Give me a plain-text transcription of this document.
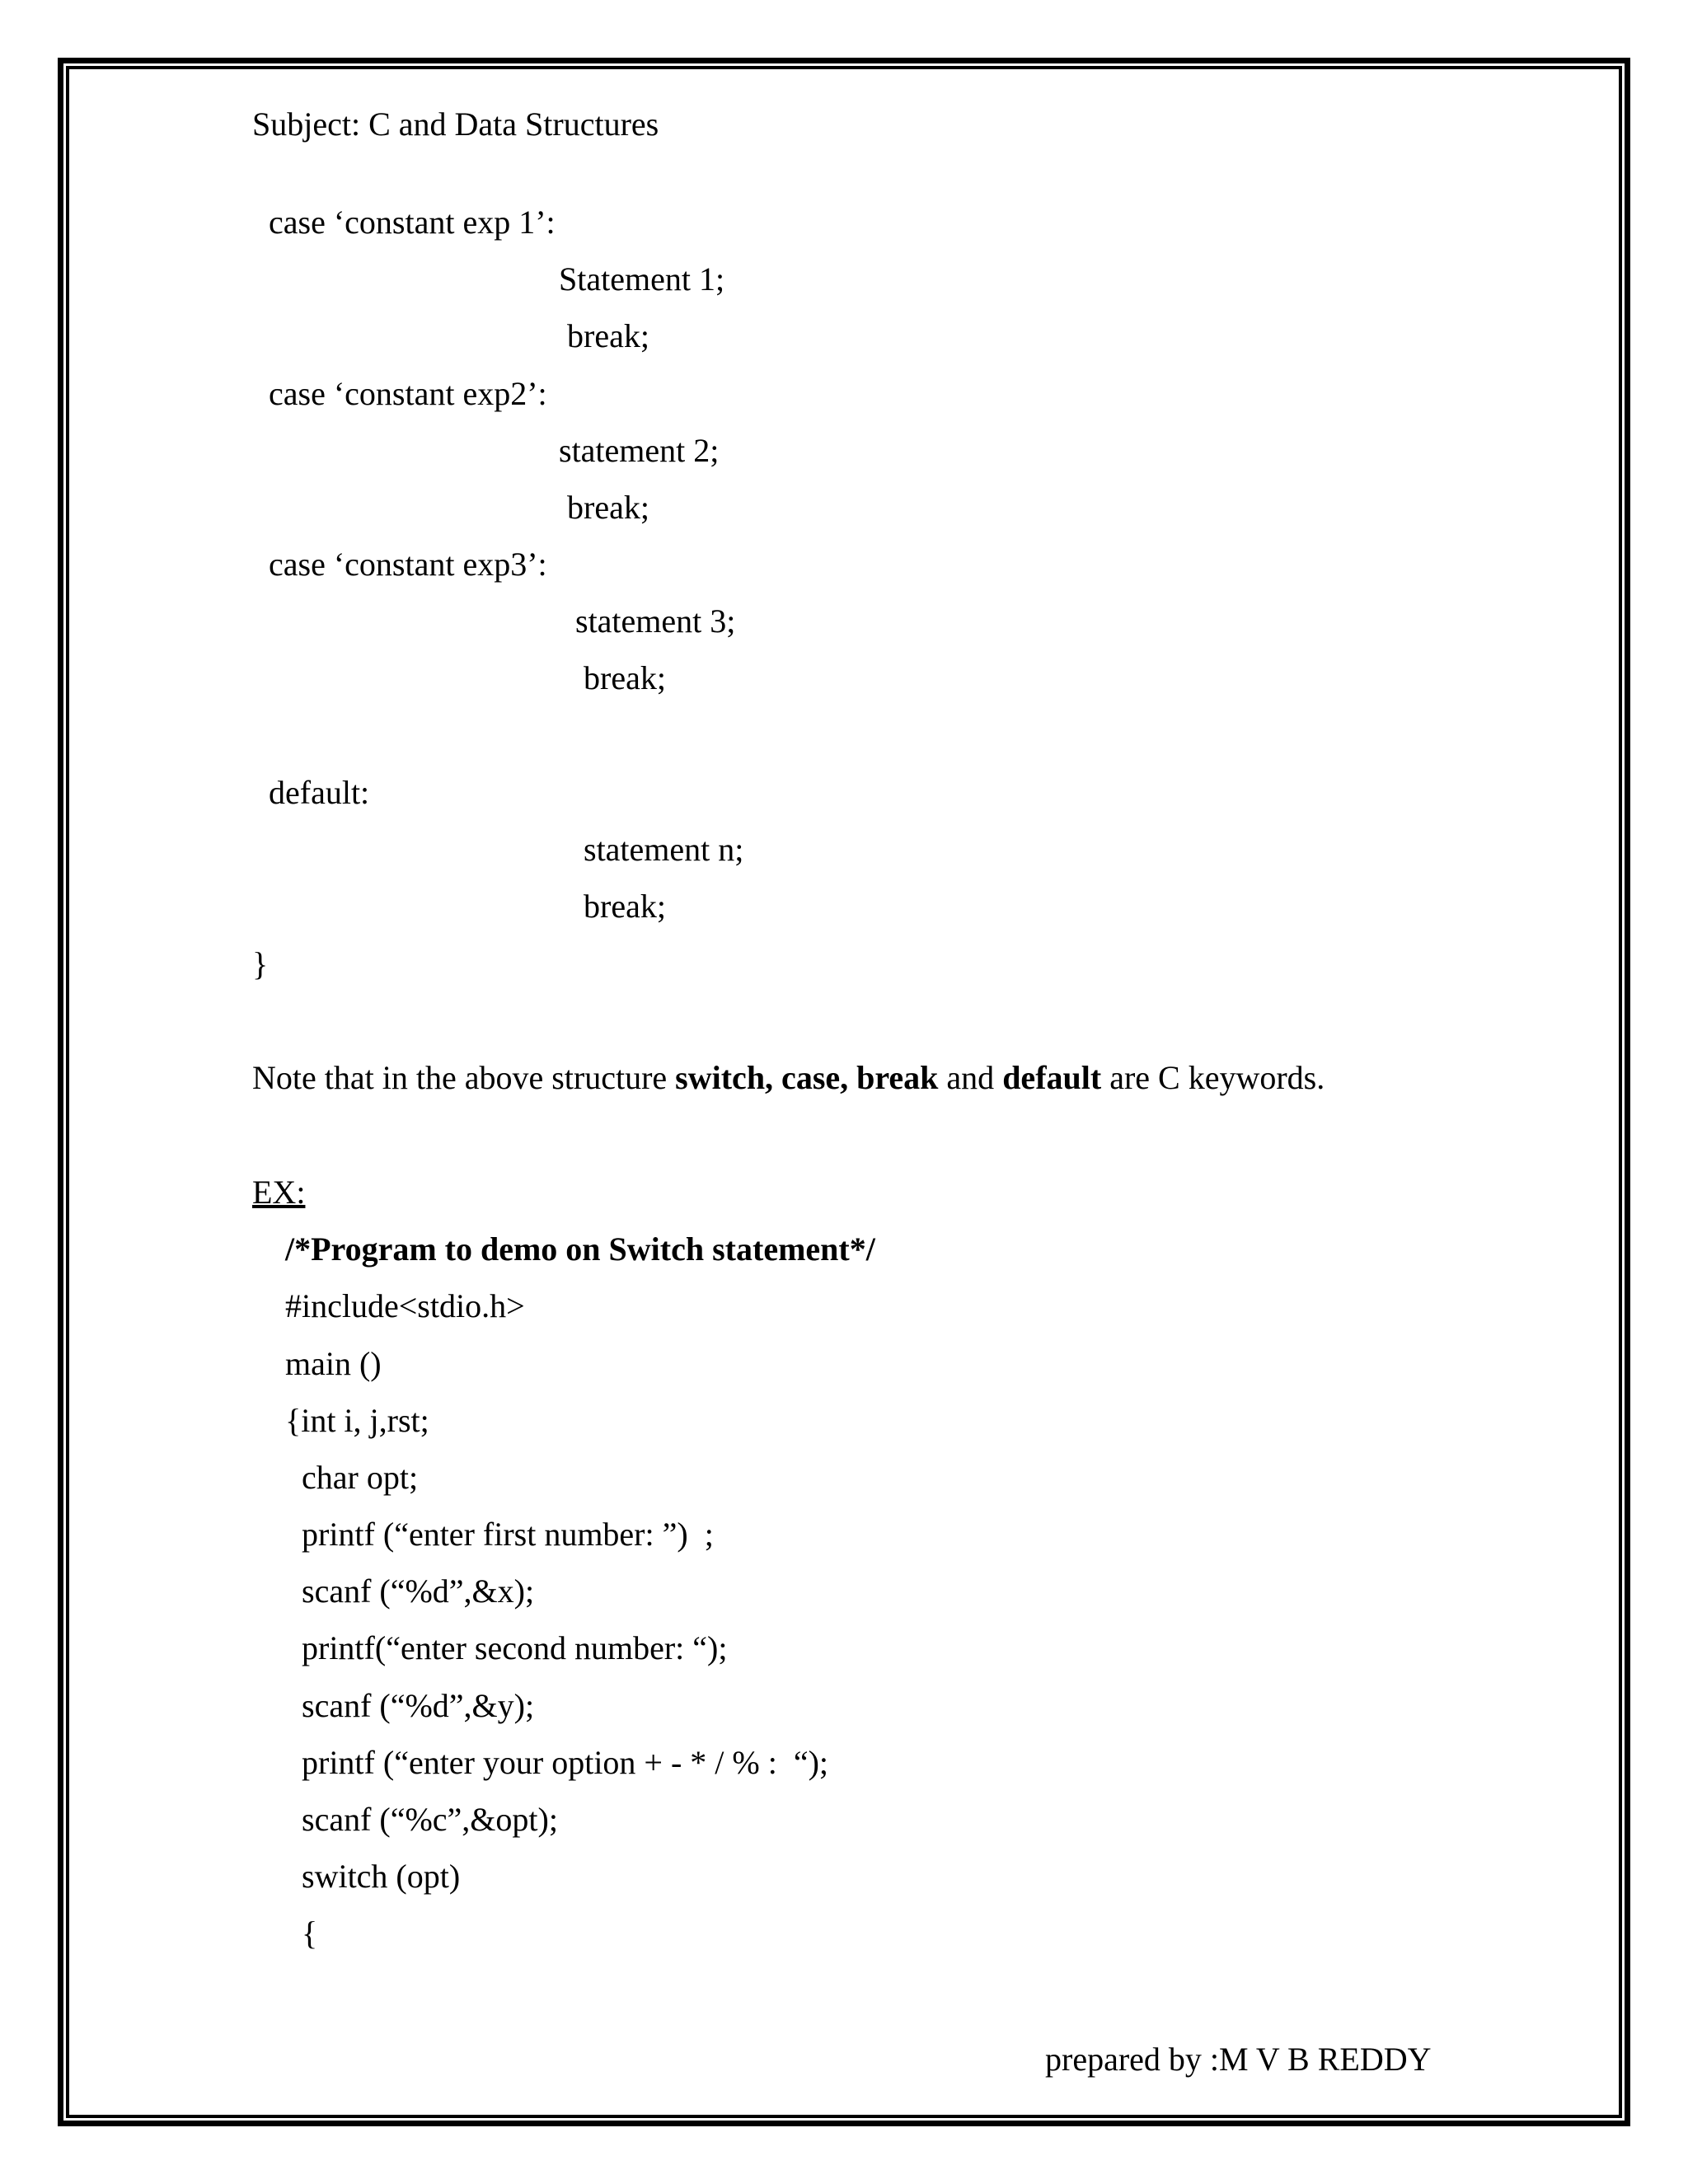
Subject: C and Data Structures
case ‘constant exp 1’:
Statement 1;
break;
case ‘constant exp2’:
statement 2;
break;
case ‘constant exp3’:
statement 3;
break;
default:
statement n;
break;
}
Note that in the above structure switch, case, break and default are C keywords.
EX:
/*Program to demo on Switch statement*/
#include<stdio.h>
main ()
{int i, j,rst;
char opt;
printf (“enter first number: ”)  ;
scanf (“%d”,&x);
printf(“enter second number: “);
scanf (“%d”,&y);
printf (“enter your option + - * / % :  “);
scanf (“%c”,&opt);
switch (opt)
{
prepared by :M V B REDDY
